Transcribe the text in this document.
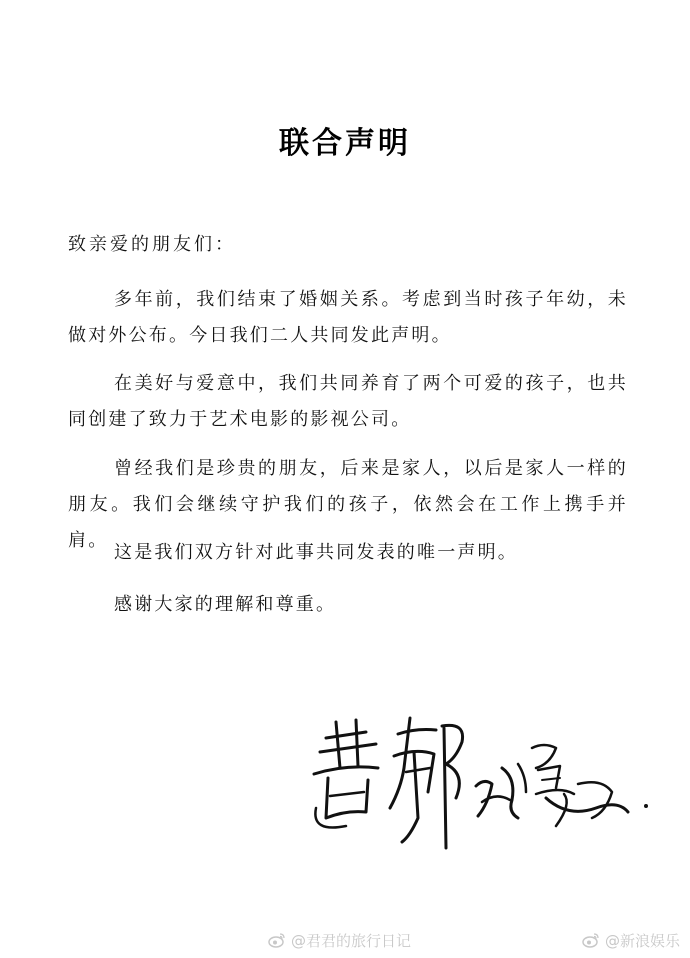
联合声明
致亲爱的朋友们：

多年前，我们结束了婚姻关系。考虑到当时孩子年幼，未做对外公布。今日我们二人共同发此声明。

在美好与爱意中，我们共同养育了两个可爱的孩子，也共同创建了致力于艺术电影的影视公司。

曾经我们是珍贵的朋友，后来是家人，以后是家人一样的朋友。我们会继续守护我们的孩子，依然会在工作上携手并肩。

这是我们双方针对此事共同发表的唯一声明。

感谢大家的理解和尊重。

@君君的旅行日记	@新浪娱乐
